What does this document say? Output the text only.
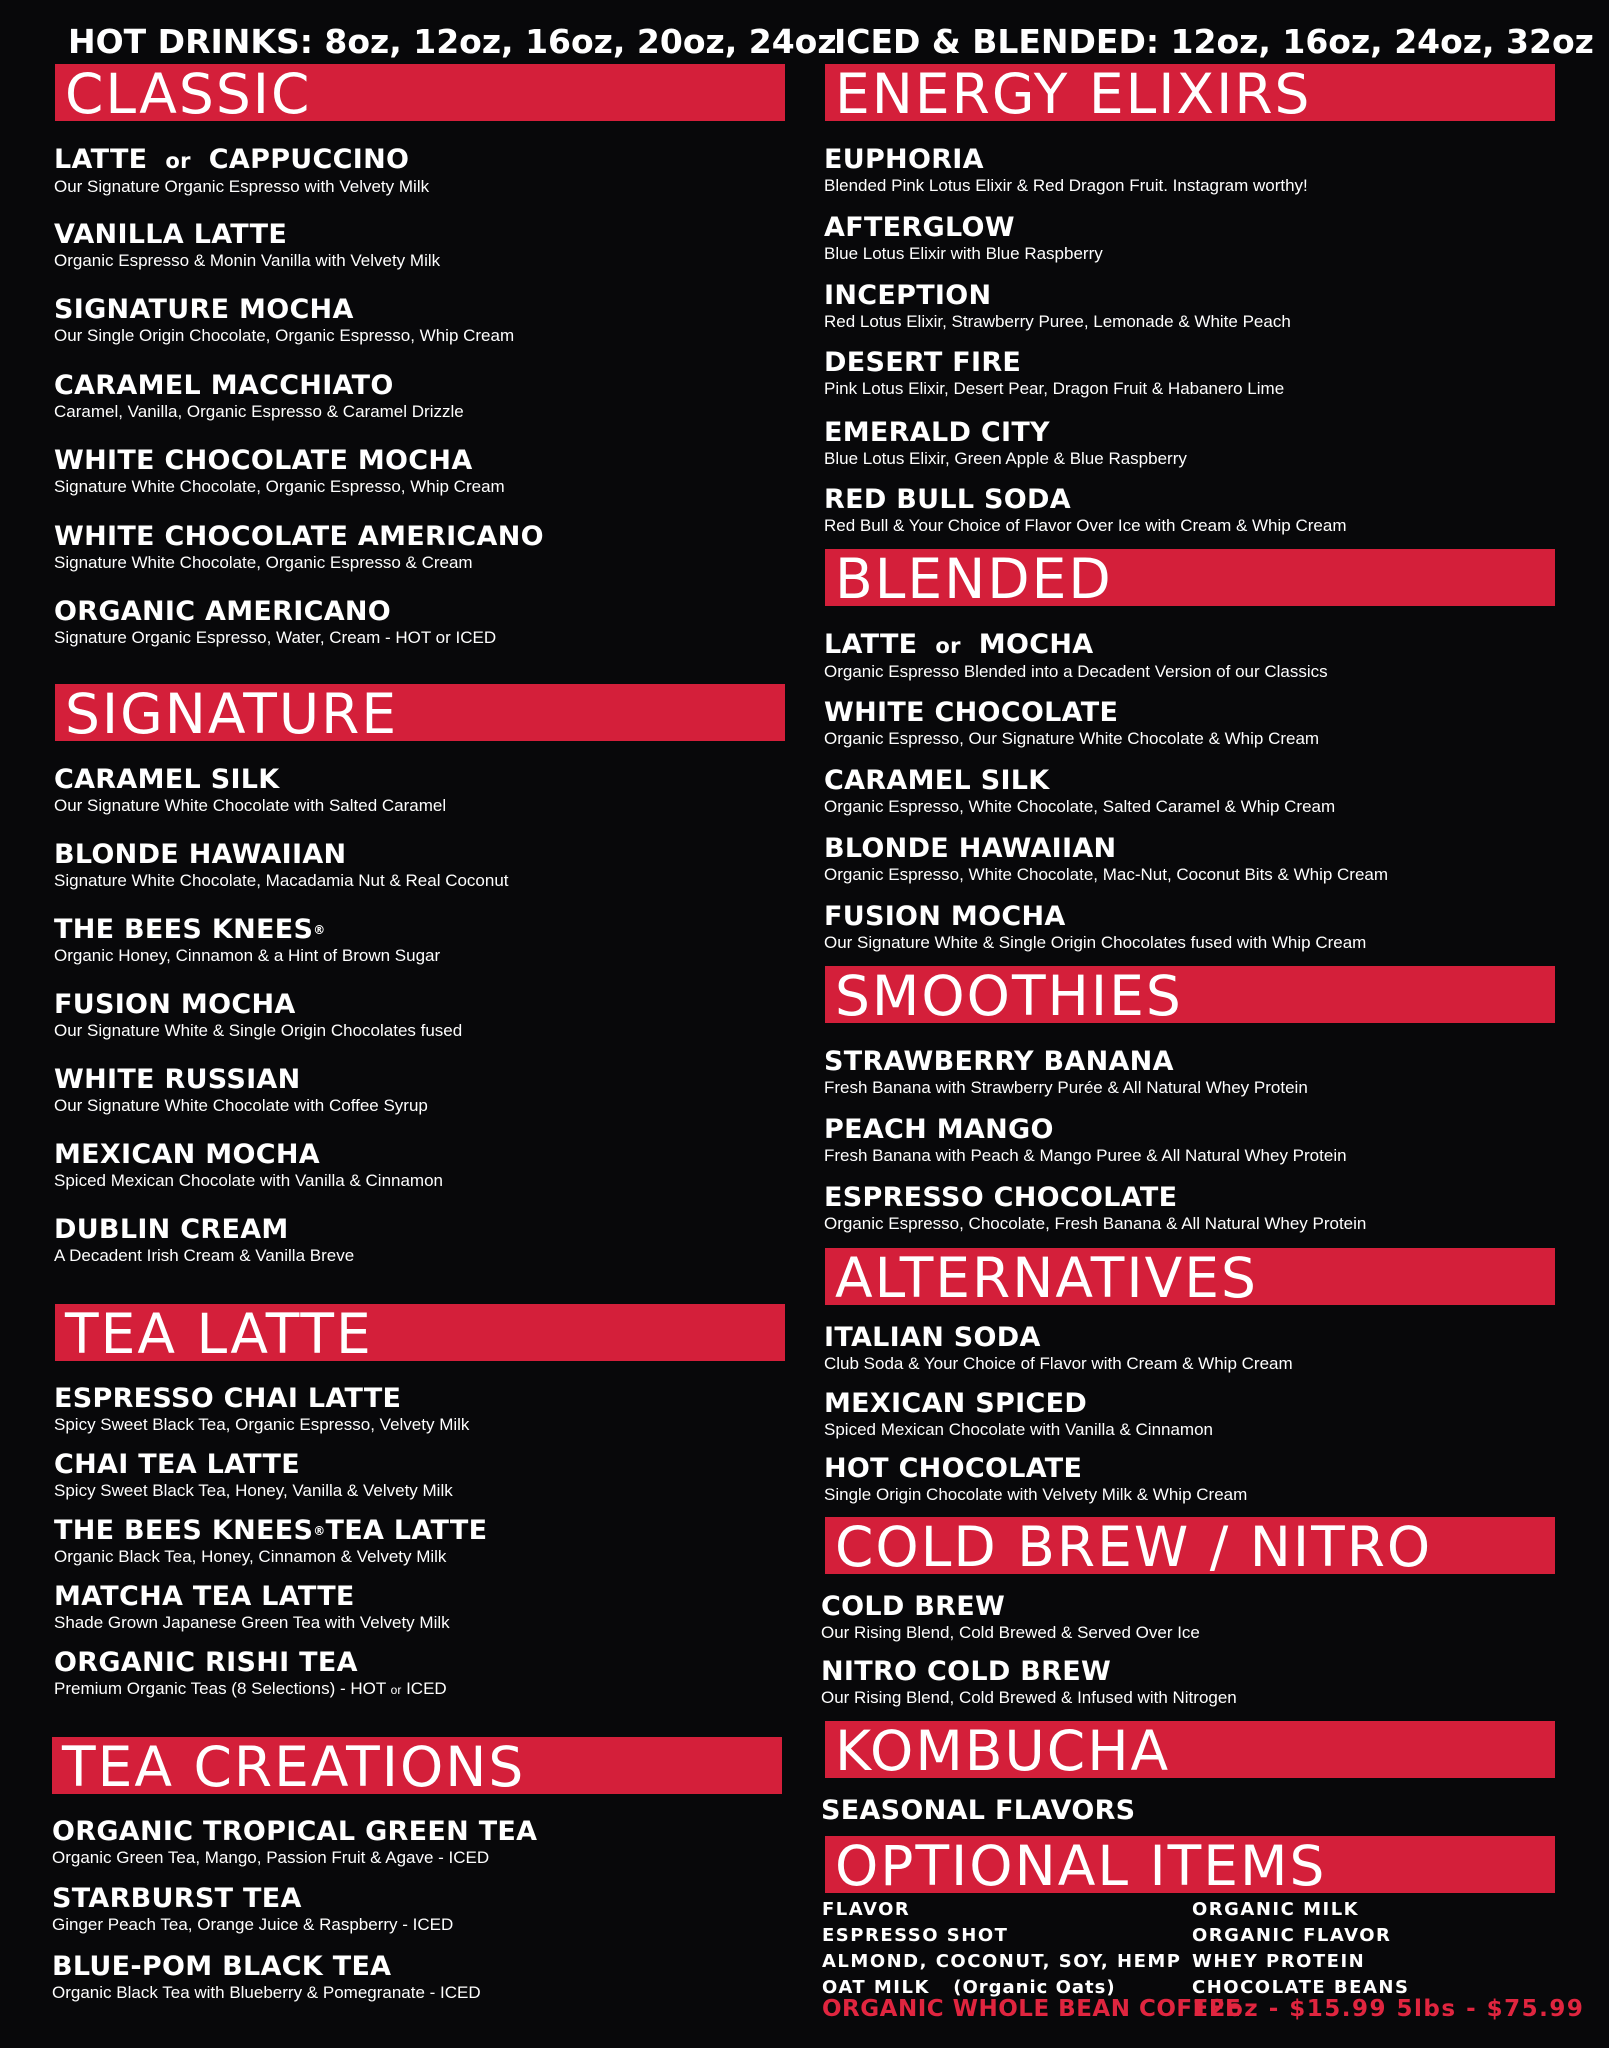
HOT DRINKS: 8oz, 12oz, 16oz, 20oz, 24oz
CLASSIC
LATTE or CAPPUCCINO
Our Signature Organic Espresso with Velvety Milk
VANILLA LATTE
Organic Espresso & Monin Vanilla with Velvety Milk
SIGNATURE MOCHA
Our Single Origin Chocolate, Organic Espresso, Whip Cream
CARAMEL MACCHIATO
Caramel, Vanilla, Organic Espresso & Caramel Drizzle
WHITE CHOCOLATE MOCHA
Signature White Chocolate, Organic Espresso, Whip Cream
WHITE CHOCOLATE AMERICANO
Signature White Chocolate, Organic Espresso & Cream
ORGANIC AMERICANO
Signature Organic Espresso, Water, Cream - HOT or ICED
SIGNATURE
CARAMEL SILK
Our Signature White Chocolate with Salted Caramel
BLONDE HAWAIIAN
Signature White Chocolate, Macadamia Nut & Real Coconut
THE BEES KNEES®
Organic Honey, Cinnamon & a Hint of Brown Sugar
FUSION MOCHA
Our Signature White & Single Origin Chocolates fused
WHITE RUSSIAN
Our Signature White Chocolate with Coffee Syrup
MEXICAN MOCHA
Spiced Mexican Chocolate with Vanilla & Cinnamon
DUBLIN CREAM
A Decadent Irish Cream & Vanilla Breve
TEA LATTE
ESPRESSO CHAI LATTE
Spicy Sweet Black Tea, Organic Espresso, Velvety Milk
CHAI TEA LATTE
Spicy Sweet Black Tea, Honey, Vanilla & Velvety Milk
THE BEES KNEES®TEA LATTE
Organic Black Tea, Honey, Cinnamon & Velvety Milk
MATCHA TEA LATTE
Shade Grown Japanese Green Tea with Velvety Milk
ORGANIC RISHI TEA
Premium Organic Teas (8 Selections) - HOT or ICED
TEA CREATIONS
ORGANIC TROPICAL GREEN TEA
Organic Green Tea, Mango, Passion Fruit & Agave - ICED
STARBURST TEA
Ginger Peach Tea, Orange Juice & Raspberry - ICED
BLUE-POM BLACK TEA
Organic Black Tea with Blueberry & Pomegranate - ICED
ICED & BLENDED: 12oz, 16oz, 24oz, 32oz
ENERGY ELIXIRS
EUPHORIA
Blended Pink Lotus Elixir & Red Dragon Fruit. Instagram worthy!
AFTERGLOW
Blue Lotus Elixir with Blue Raspberry
INCEPTION
Red Lotus Elixir, Strawberry Puree, Lemonade & White Peach
DESERT FIRE
Pink Lotus Elixir, Desert Pear, Dragon Fruit & Habanero Lime
EMERALD CITY
Blue Lotus Elixir, Green Apple & Blue Raspberry
RED BULL SODA
Red Bull & Your Choice of Flavor Over Ice with Cream & Whip Cream
BLENDED
LATTE or MOCHA
Organic Espresso Blended into a Decadent Version of our Classics
WHITE CHOCOLATE
Organic Espresso, Our Signature White Chocolate & Whip Cream
CARAMEL SILK
Organic Espresso, White Chocolate, Salted Caramel & Whip Cream
BLONDE HAWAIIAN
Organic Espresso, White Chocolate, Mac-Nut, Coconut Bits & Whip Cream
FUSION MOCHA
Our Signature White & Single Origin Chocolates fused with Whip Cream
SMOOTHIES
STRAWBERRY BANANA
Fresh Banana with Strawberry Purée & All Natural Whey Protein
PEACH MANGO
Fresh Banana with Peach & Mango Puree & All Natural Whey Protein
ESPRESSO CHOCOLATE
Organic Espresso, Chocolate, Fresh Banana & All Natural Whey Protein
ALTERNATIVES
ITALIAN SODA
Club Soda & Your Choice of Flavor with Cream & Whip Cream
MEXICAN SPICED
Spiced Mexican Chocolate with Vanilla & Cinnamon
HOT CHOCOLATE
Single Origin Chocolate with Velvety Milk & Whip Cream
COLD BREW / NITRO
COLD BREW
Our Rising Blend, Cold Brewed & Served Over Ice
NITRO COLD BREW
Our Rising Blend, Cold Brewed & Infused with Nitrogen
KOMBUCHA
SEASONAL FLAVORS
OPTIONAL ITEMS
FLAVOR
ESPRESSO SHOT
ALMOND, COCONUT, SOY, HEMP
OAT MILK (Organic Oats)
ORGANIC MILK
ORGANIC FLAVOR
WHEY PROTEIN
CHOCOLATE BEANS
ORGANIC WHOLE BEAN COFFEE
12oz - $15.99 5lbs - $75.99
